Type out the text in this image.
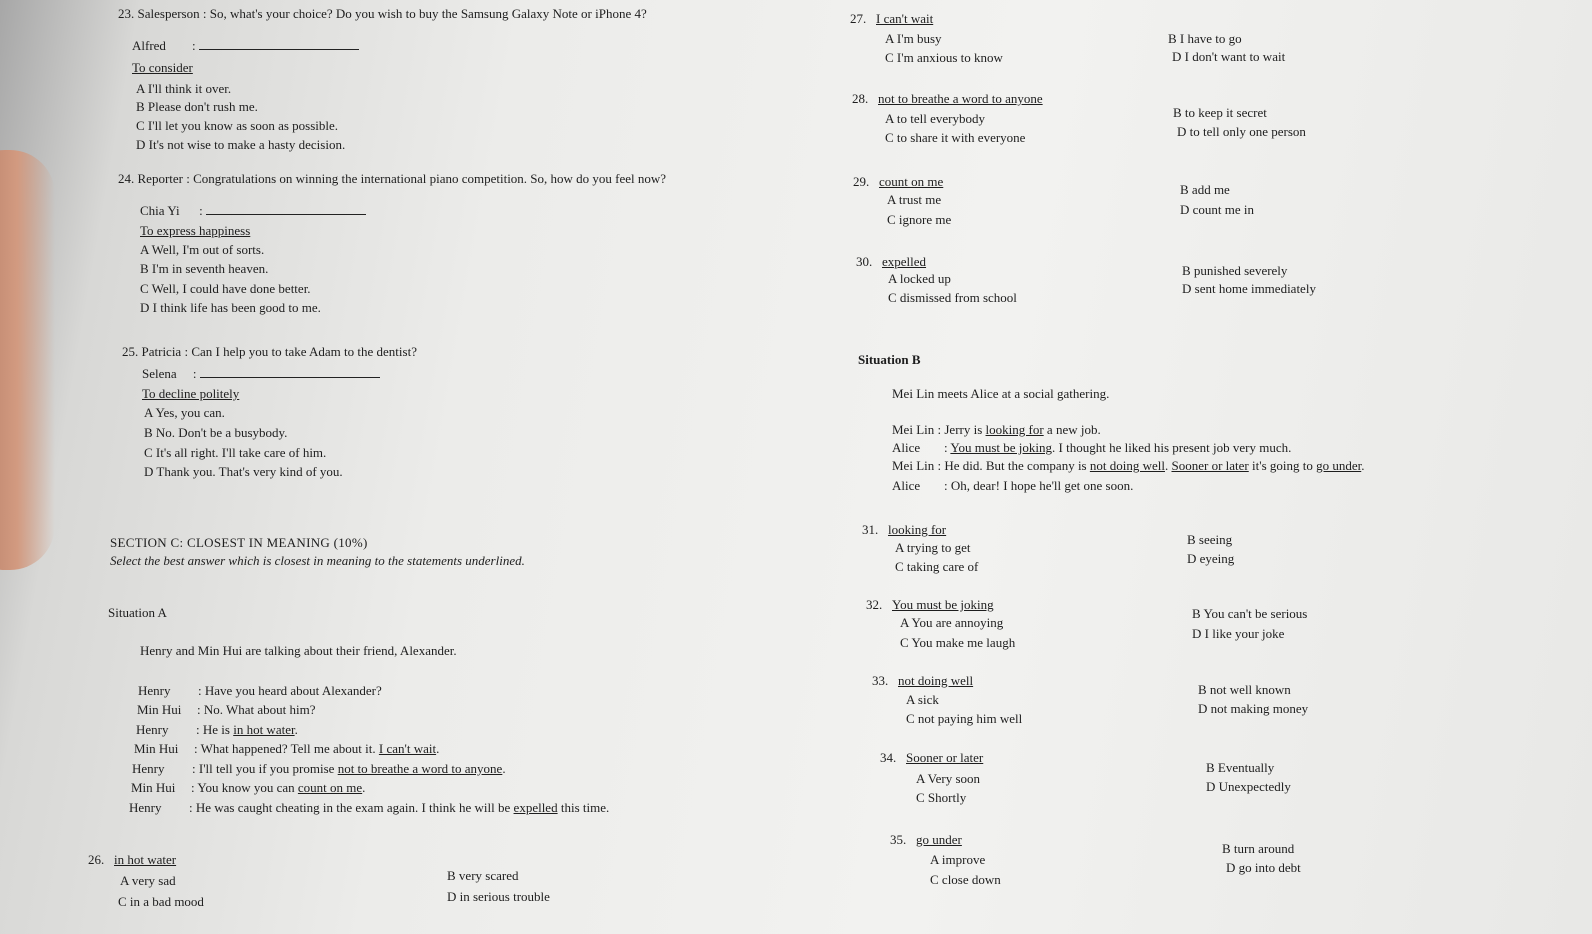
23. Salesperson : So, what's your choice? Do you wish to buy the Samsung Galaxy Note or iPhone 4?
Alfred :
To consider
A I'll think it over.
B Please don't rush me.
C I'll let you know as soon as possible.
D It's not wise to make a hasty decision.
24. Reporter : Congratulations on winning the international piano competition. So, how do you feel now?
Chia Yi :
To express happiness
A Well, I'm out of sorts.
B I'm in seventh heaven.
C Well, I could have done better.
D I think life has been good to me.
25. Patricia : Can I help you to take Adam to the dentist?
Selena :
To decline politely
A Yes, you can.
B No. Don't be a busybody.
C It's all right. I'll take care of him.
D Thank you. That's very kind of you.
SECTION C: CLOSEST IN MEANING (10%)
Select the best answer which is closest in meaning to the statements underlined.
Situation A
Henry and Min Hui are talking about their friend, Alexander.
Henry : Have you heard about Alexander?
Min Hui : No. What about him?
Henry : He is in hot water.
Min Hui : What happened? Tell me about it. I can't wait.
Henry : I'll tell you if you promise not to breathe a word to anyone.
Min Hui : You know you can count on me.
Henry : He was caught cheating in the exam again. I think he will be expelled this time.
26. in hot water
A very sad	B very scared
C in a bad mood	D in serious trouble
27. I can't wait
A I'm busy	B I have to go
C I'm anxious to know	D I don't want to wait
28. not to breathe a word to anyone
A to tell everybody	B to keep it secret
C to share it with everyone	D to tell only one person
29. count on me
A trust me
B add me
C ignore me
D count me in
30. expelled
A locked up
B punished severely
C dismissed from school
D sent home immediately
Situation B
Mei Lin meets Alice at a social gathering.
Mei Lin : Jerry is looking for a new job.
Alice : You must be joking. I thought he liked his present job very much.
Mei Lin : He did. But the company is not doing well. Sooner or later it's going to go under.
Alice : Oh, dear! I hope he'll get one soon.
31. looking for
A trying to get
B seeing
C taking care of
D eyeing
32. You must be joking
A You are annoying
B You can't be serious
C You make me laugh
D I like your joke
33. not doing well
A sick
B not well known
C not paying him well
D not making money
34. Sooner or later
A Very soon
B Eventually
C Shortly
D Unexpectedly
35. go under
A improve
B turn around
C close down
D go into debt
